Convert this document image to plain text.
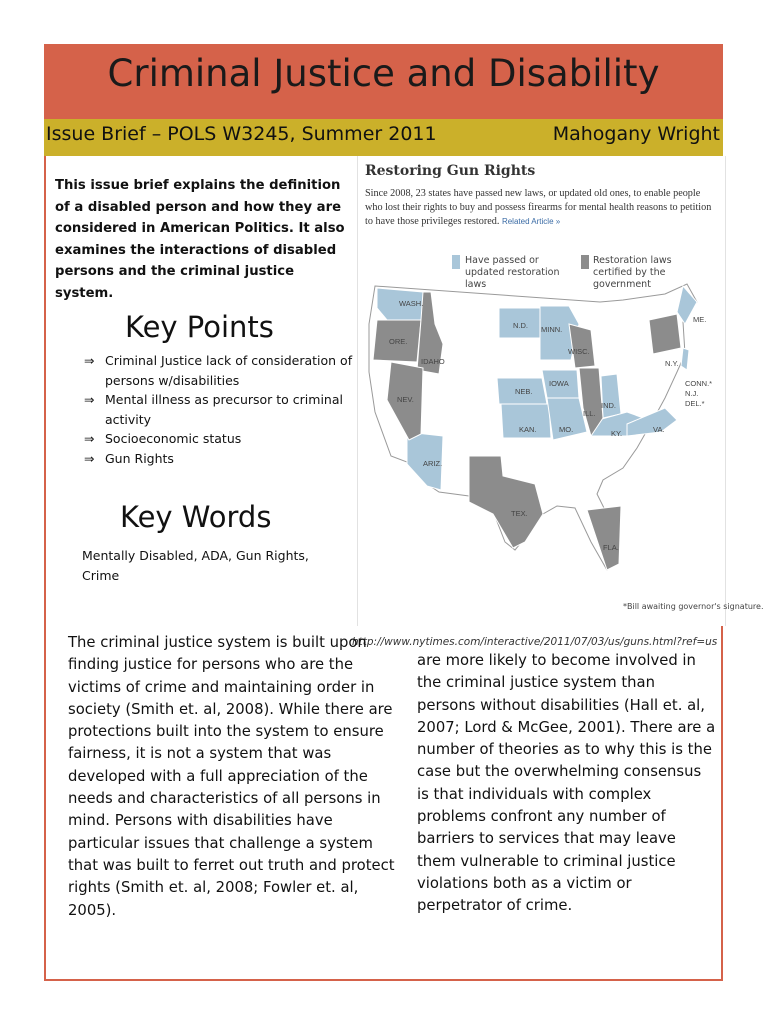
Criminal Justice and Disability
Issue Brief – POLS W3245, Summer 2011	Mahogany Wright
This issue brief explains the definition of a disabled person and how they are considered in American Politics. It also examines the interactions of disabled persons and the criminal justice system.
Key Points
⇒ Criminal Justice lack of consideration of persons w/disabilities
⇒ Mental illness as precursor to criminal activity
⇒ Socioeconomic status
⇒ Gun Rights
Key Words
Mentally Disabled, ADA, Gun Rights, Crime
Restoring Gun Rights
Since 2008, 23 states have passed new laws, or updated old ones, to enable people who lost their rights to buy and possess firearms for mental health reasons to petition to have those privileges restored. Related Article »
Have passed or updated restoration laws
Restoration laws certified by the government
WASH.
ORE.
IDAHO
NEV.
ARIZ.
N.D. MINN.
NEB.
KAN.
IOWA
MO.
WISC.
ILL.
IND.
KY.	VA.
TEX.
FLA.
N.Y.
ME.
CONN.*
N.J.
DEL.*
*Bill awaiting governor's signature.
http://www.nytimes.com/interactive/2011/07/03/us/guns.html?ref=us
The criminal justice system is built upon finding justice for persons who are the victims of crime and maintaining order in society (Smith et. al, 2008). While there are protections built into the system to ensure fairness, it is not a system that was developed with a full appreciation of the needs and characteristics of all persons in mind. Persons with disabilities have particular issues that challenge a system that was built to ferret out truth and protect rights (Smith et. al, 2008; Fowler et. al, 2005).
are more likely to become involved in the criminal justice system than persons without disabilities (Hall et. al, 2007; Lord & McGee, 2001). There are a number of theories as to why this is the case but the overwhelming consensus is that individuals with complex problems confront any number of barriers to services that may leave them vulnerable to criminal justice violations both as a victim or perpetrator of crime.
